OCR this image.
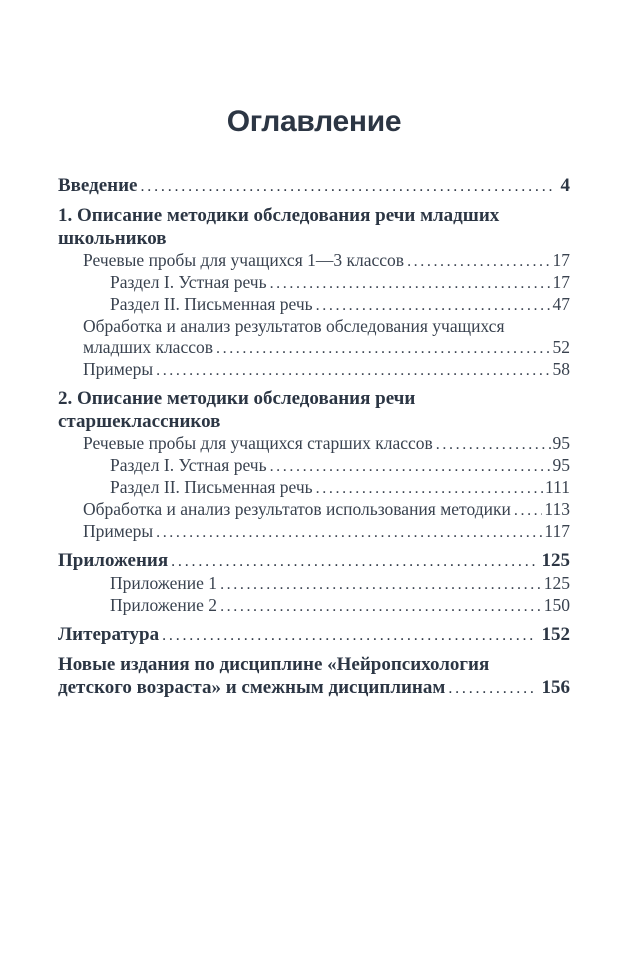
Оглавление
Введение .....	4
1. Описание методики обследования речи младших
школьников
Речевые пробы для учащихся 1—3 классов .....	17
Раздел I. Устная речь .....	17
Раздел II. Письменная речь .....	47
Обработка и анализ результатов обследования учащихся
младших классов .....	52
Примеры .....	58
2. Описание методики обследования речи
старшеклассников
Речевые пробы для учащихся старших классов .....	95
Раздел I. Устная речь .....	95
Раздел II. Письменная речь .....	111
Обработка и анализ результатов использования методики ..... 113
Примеры .....	117
Приложения .....	125
Приложение 1 .....	125
Приложение 2 .....	150
Литература .....	152
Новые издания по дисциплине «Нейропсихология
детского возраста» и смежным дисциплинам .....	156
